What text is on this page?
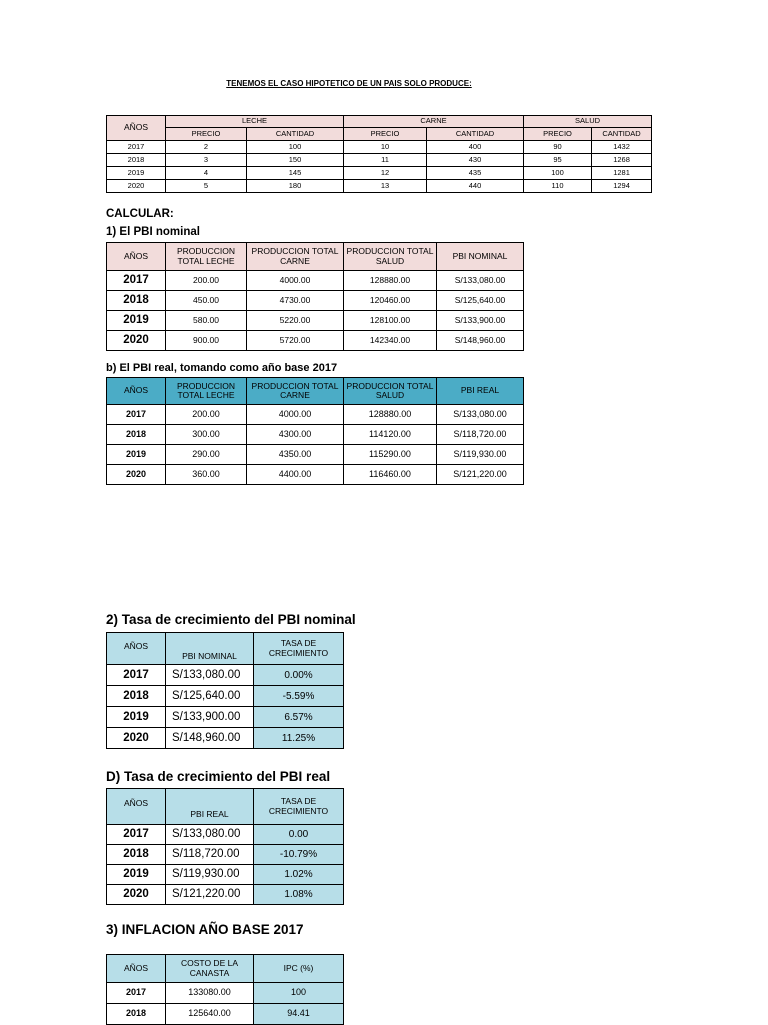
TENEMOS EL CASO HIPOTETICO DE UN PAIS SOLO PRODUCE:
AÑOS	LECHE		CARNE		SALUD	
	PRECIO	CANTIDAD	PRECIO	CANTIDAD	PRECIO	CANTIDAD
2017	2	100	10	400	90	1432
2018	3	150	11	430	95	1268
2019	4	145	12	435	100	1281
2020	5	180	13	440	110	1294
CALCULAR:
1) El PBI nominal
AÑOS	PRODUCCION TOTAL LECHE	PRODUCCION TOTAL CARNE	PRODUCCION TOTAL SALUD	PBI NOMINAL
2017	200.00	4000.00	128880.00	S/133,080.00
2018	450.00	4730.00	120460.00	S/125,640.00
2019	580.00	5220.00	128100.00	S/133,900.00
2020	900.00	5720.00	142340.00	S/148,960.00
b) El PBI real, tomando como año base 2017
AÑOS	PRODUCCION TOTAL LECHE	PRODUCCION TOTAL CARNE	PRODUCCION TOTAL SALUD	PBI REAL
2017	200.00	4000.00	128880.00	S/133,080.00
2018	300.00	4300.00	114120.00	S/118,720.00
2019	290.00	4350.00	115290.00	S/119,930.00
2020	360.00	4400.00	116460.00	S/121,220.00
2) Tasa de crecimiento del PBI nominal
AÑOS	PBI NOMINAL	TASA DE CRECIMIENTO
2017	S/133,080.00	0.00%
2018	S/125,640.00	-5.59%
2019	S/133,900.00	6.57%
2020	S/148,960.00	11.25%
D) Tasa de crecimiento del PBI real
AÑOS	PBI REAL	TASA DE CRECIMIENTO
2017	S/133,080.00	0.00
2018	S/118,720.00	-10.79%
2019	S/119,930.00	1.02%
2020	S/121,220.00	1.08%
3) INFLACION AÑO BASE 2017
AÑOS	COSTO DE LA CANASTA	IPC (%)
2017	133080.00	100
2018	125640.00	94.41
